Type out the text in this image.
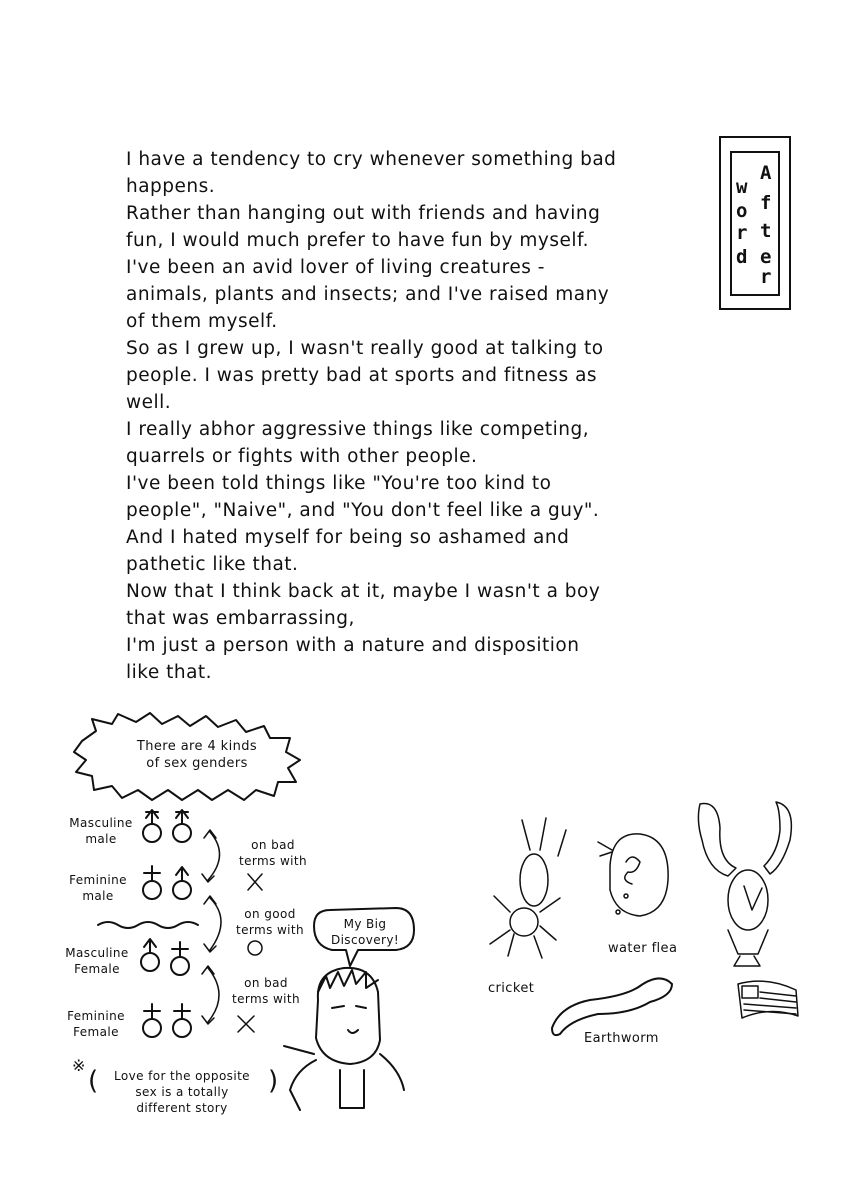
A
f
t
e
r
w
o
r
d
I have a tendency to cry whenever something bad
happens.
Rather than hanging out with friends and having
fun, I would much prefer to have fun by myself.
I've been an avid lover of living creatures -
animals, plants and insects; and I've raised many
of them myself.
So as I grew up, I wasn't really good at talking to
people. I was pretty bad at sports and fitness as
well.
I really abhor aggressive things like competing,
quarrels or fights with other people.
I've been told things like "You're too kind to
people", "Naive", and "You don't feel like a guy".
And I hated myself for being so ashamed and
pathetic like that.
Now that I think back at it, maybe I wasn't a boy
that was embarrassing,
I'm just a person with a nature and disposition
like that.
There are 4 kinds
of sex genders
Masculine
male
Feminine
male
Masculine
Female
Feminine
Female
on bad
terms with
on good
terms with
on bad
terms with
My Big
Discovery!
※
(	)
Love for the opposite
sex is a totally
different story
cricket
water flea
Earthworm
